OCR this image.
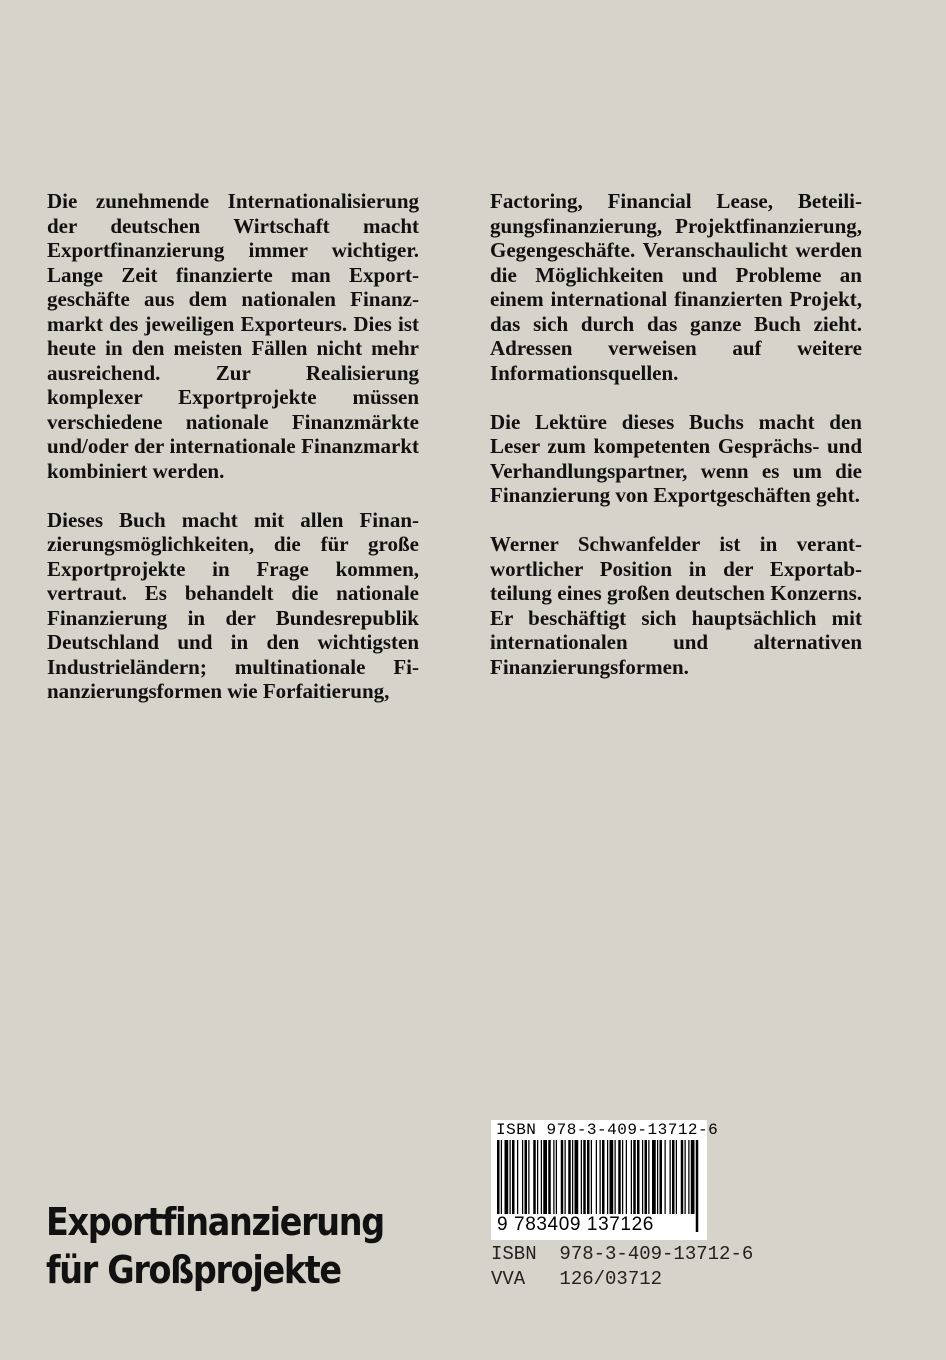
Die zunehmende Internationalisierung der deutschen Wirtschaft macht Exportfinanzierung immer wichtiger. Lange Zeit finanzierte man Exportgeschäfte aus dem nationalen Finanzmarkt des jeweiligen Exporteurs. Dies ist heute in den meisten Fällen nicht mehr ausreichend. Zur Realisierung komplexer Exportprojekte müssen verschiedene nationale Finanzmärkte und/oder der internationale Finanzmarkt kombiniert werden.

Dieses Buch macht mit allen Finanzierungsmöglichkeiten, die für große Exportprojekte in Frage kommen, vertraut. Es behandelt die nationale Finanzierung in der Bundesrepublik Deutschland und in den wichtigsten Industrieländern; multinationale Finanzierungsformen wie Forfaitierung,

Factoring, Financial Lease, Beteiligungsfinanzierung, Projektfinanzierung, Gegengeschäfte. Veranschaulicht werden die Möglichkeiten und Probleme an einem international finanzierten Projekt, das sich durch das ganze Buch zieht. Adressen verweisen auf weitere Informationsquellen.

Die Lektüre dieses Buchs macht den Leser zum kompetenten Gesprächs- und Verhandlungspartner, wenn es um die Finanzierung von Exportgeschäften geht.

Werner Schwanfelder ist in verantwortlicher Position in der Exportabteilung eines großen deutschen Konzerns. Er beschäftigt sich hauptsächlich mit internationalen und alternativen Finanzierungsformen.

ISBN 978-3-409-13712-6
9 783409 137126
ISBN  978-3-409-13712-6
VVA   126/03712
Exportfinanzierung
für Großprojekte
